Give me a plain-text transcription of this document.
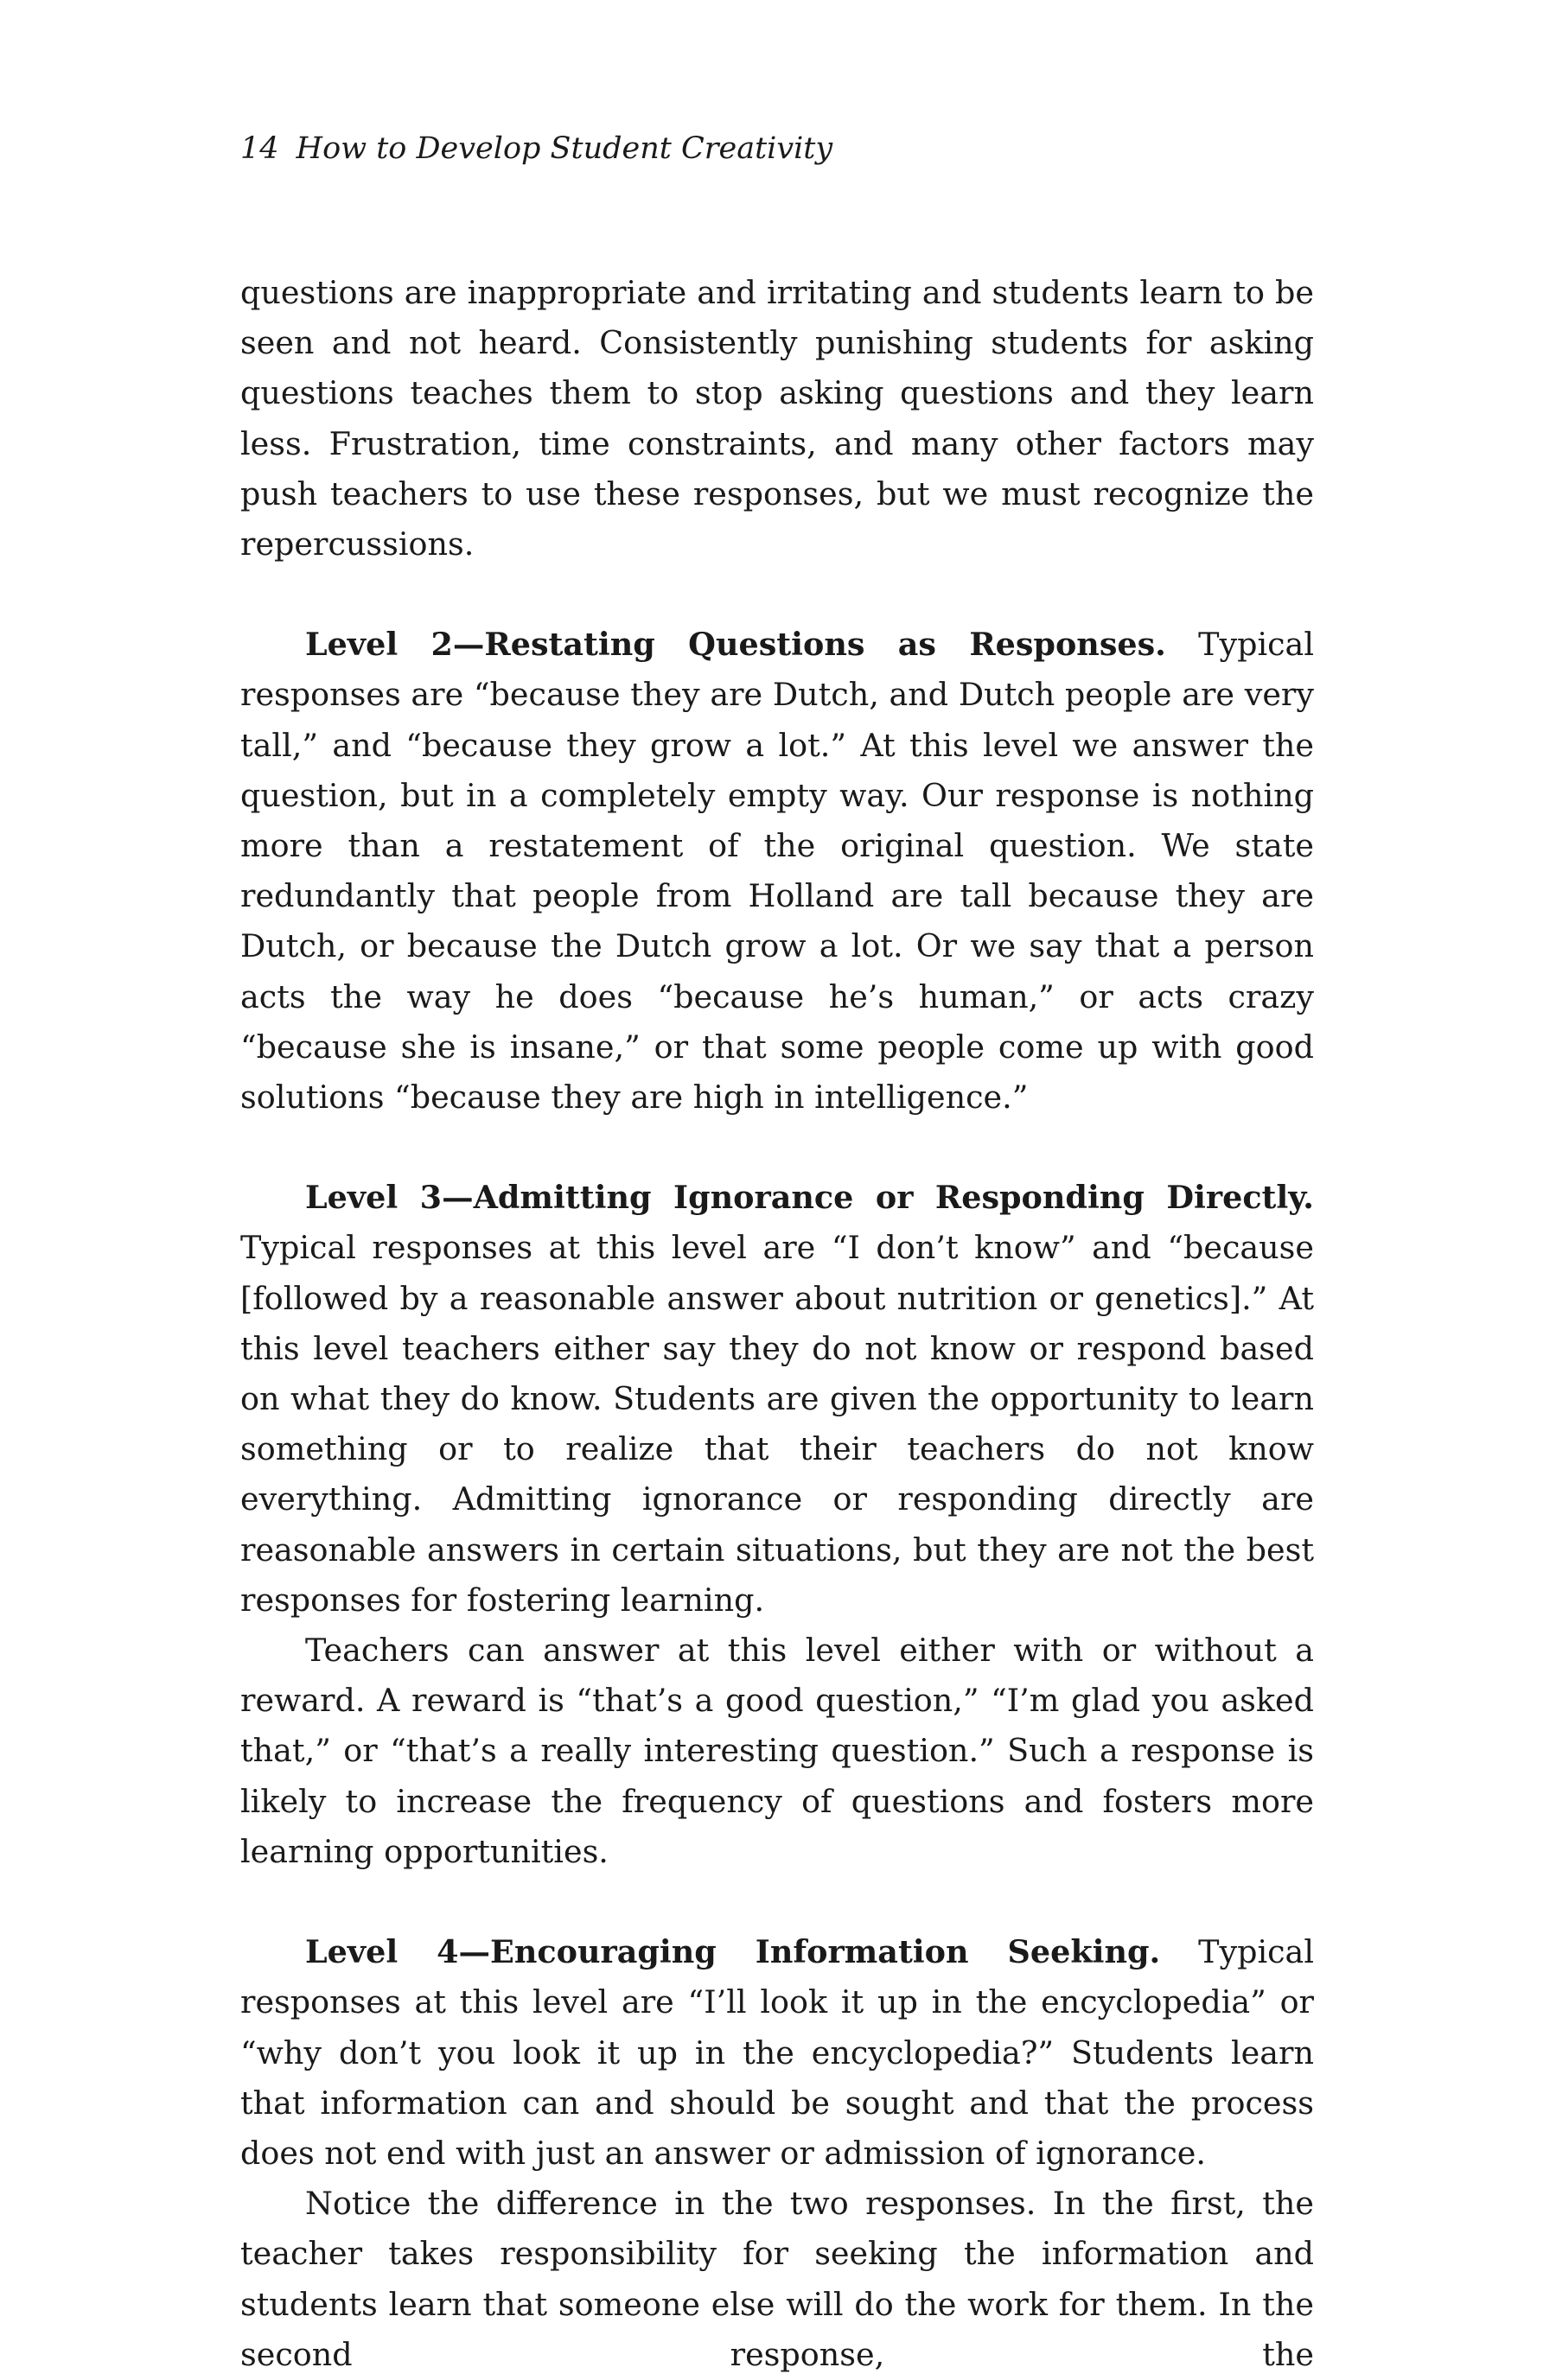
14 How to Develop Student Creativity

questions are inappropriate and irritating and students learn to be seen and not heard. Consistently punishing students for asking questions teaches them to stop asking questions and they learn less. Frustration, time constraints, and many other factors may push teachers to use these responses, but we must recognize the repercussions.

Level 2—Restating Questions as Responses. Typical responses are “because they are Dutch, and Dutch people are very tall,” and “because they grow a lot.” At this level we answer the question, but in a completely empty way. Our response is nothing more than a restatement of the original question. We state redundantly that people from Holland are tall because they are Dutch, or because the Dutch grow a lot. Or we say that a person acts the way he does “because he’s human,” or acts crazy “because she is insane,” or that some people come up with good solutions “because they are high in intelligence.”

Level 3—Admitting Ignorance or Responding Directly. Typical responses at this level are “I don’t know” and “because [followed by a reasonable answer about nutrition or genetics].” At this level teachers either say they do not know or respond based on what they do know. Students are given the opportunity to learn something or to realize that their teachers do not know everything. Admitting ignorance or responding directly are reasonable answers in certain situations, but they are not the best responses for fostering learning.

Teachers can answer at this level either with or without a reward. A reward is “that’s a good question,” “I’m glad you asked that,” or “that’s a really interesting question.” Such a response is likely to increase the frequency of questions and fosters more learning opportunities.

Level 4—Encouraging Information Seeking. Typical responses at this level are “I’ll look it up in the encyclopedia” or “why don’t you look it up in the encyclopedia?” Students learn that information can and should be sought and that the process does not end with just an answer or admission of ignorance.

Notice the difference in the two responses. In the first, the teacher takes responsibility for seeking the information and students learn that someone else will do the work for them. In the second response, the
